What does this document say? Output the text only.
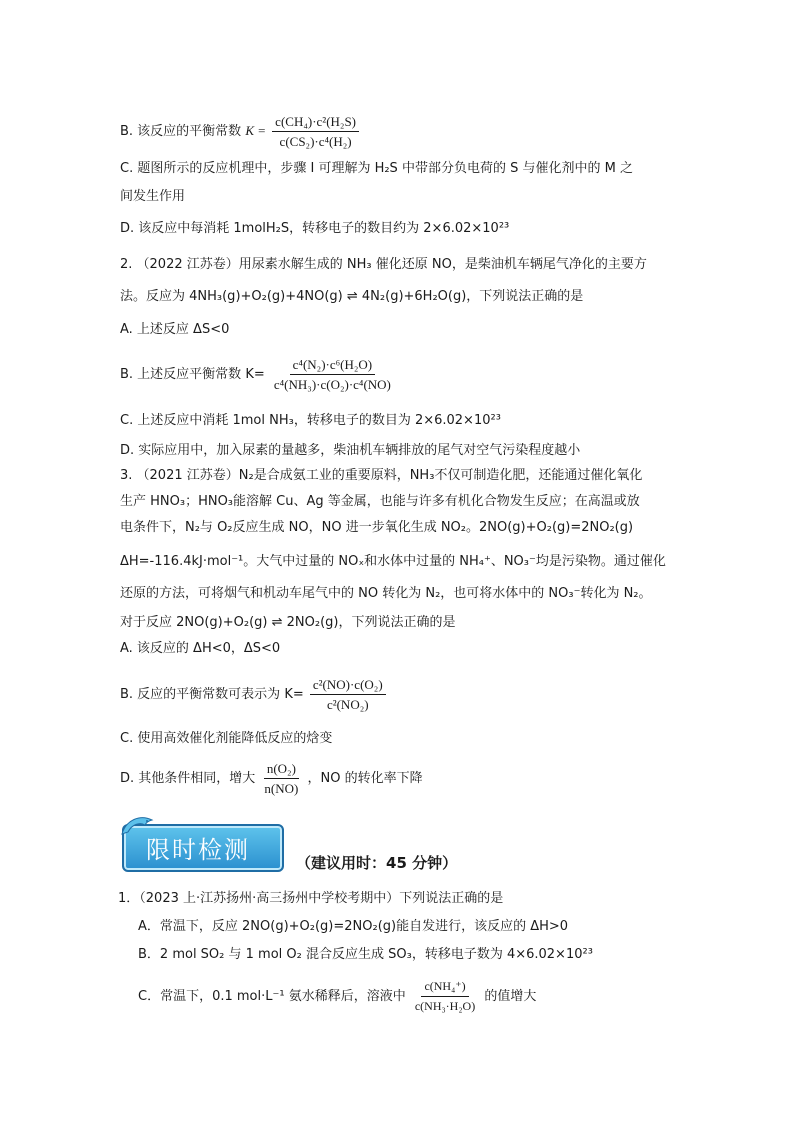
B. 该反应的平衡常数 $K = \frac{\text{c(CH₄)·c²(H₂S)}}{\text{c(CS₂)·c⁴(H₂)}}$
C. 题图所示的反应机理中，步骤 I 可理解为 H₂S 中带部分负电荷的 S 与催化剂中的 M 之
间发生作用
D. 该反应中每消耗 1molH₂S，转移电子的数目约为 2×6.02×10²³
2. （2022 江苏卷）用尿素水解生成的 NH₃ 催化还原 NO，是柴油机车辆尾气净化的主要方
法。反应为 4NH₃(g)+O₂(g)+4NO(g) ⇌ 4N₂(g)+6H₂O(g)，下列说法正确的是
A. 上述反应 ΔS<0
B. 上述反应平衡常数 $K= \frac{\text{c⁴(N₂)·c⁶(H₂O)}}{\text{c⁴(NH₃)·c(O₂)·c⁴(NO)}}$
C. 上述反应中消耗 1mol NH₃，转移电子的数目为 2×6.02×10²³
D. 实际应用中，加入尿素的量越多，柴油机车辆排放的尾气对空气污染程度越小
3. （2021 江苏卷）N₂是合成氨工业的重要原料，NH₃不仅可制造化肥，还能通过催化氧化
生产 HNO₃；HNO₃能溶解 Cu、Ag 等金属，也能与许多有机化合物发生反应；在高温或放
电条件下，N₂与 O₂反应生成 NO，NO 进一步氧化生成 NO₂。2NO(g)+O₂(g)=2NO₂(g)
ΔH=-116.4kJ·mol⁻¹。大气中过量的 NOₓ和水体中过量的 NH₄⁺、NO₃⁻均是污染物。通过催化
还原的方法，可将烟气和机动车尾气中的 NO 转化为 N₂，也可将水体中的 NO₃⁻转化为 N₂。
对于反应 2NO(g)+O₂(g) ⇌ 2NO₂(g)，下列说法正确的是
A. 该反应的 ΔH<0，ΔS<0
B. 反应的平衡常数可表示为 $K= \frac{\text{c²(NO)·c(O₂)}}{\text{c²(NO₂)}}$
C. 使用高效催化剂能降低反应的焓变
D. 其他条件相同，增大 $\frac{\text{n(O₂)}}{n(NO)}$ ，NO 的转化率下降
限时检测	（建议用时：45 分钟）
1．（2023 上·江苏扬州·高三扬州中学校考期中）下列说法正确的是
A．常温下，反应 2NO(g)+O₂(g)=2NO₂(g)能自发进行，该反应的 ΔH>0
B．2 mol SO₂ 与 1 mol O₂ 混合反应生成 SO₃，转移电子数为 4×6.02×10²³
C．常温下，0.1 mol·L⁻¹ 氨水稀释后，溶液中 $\frac{\text{c(NH₄⁺)}}{\text{c(NH₃·H₂O)}}$ 的值增大
